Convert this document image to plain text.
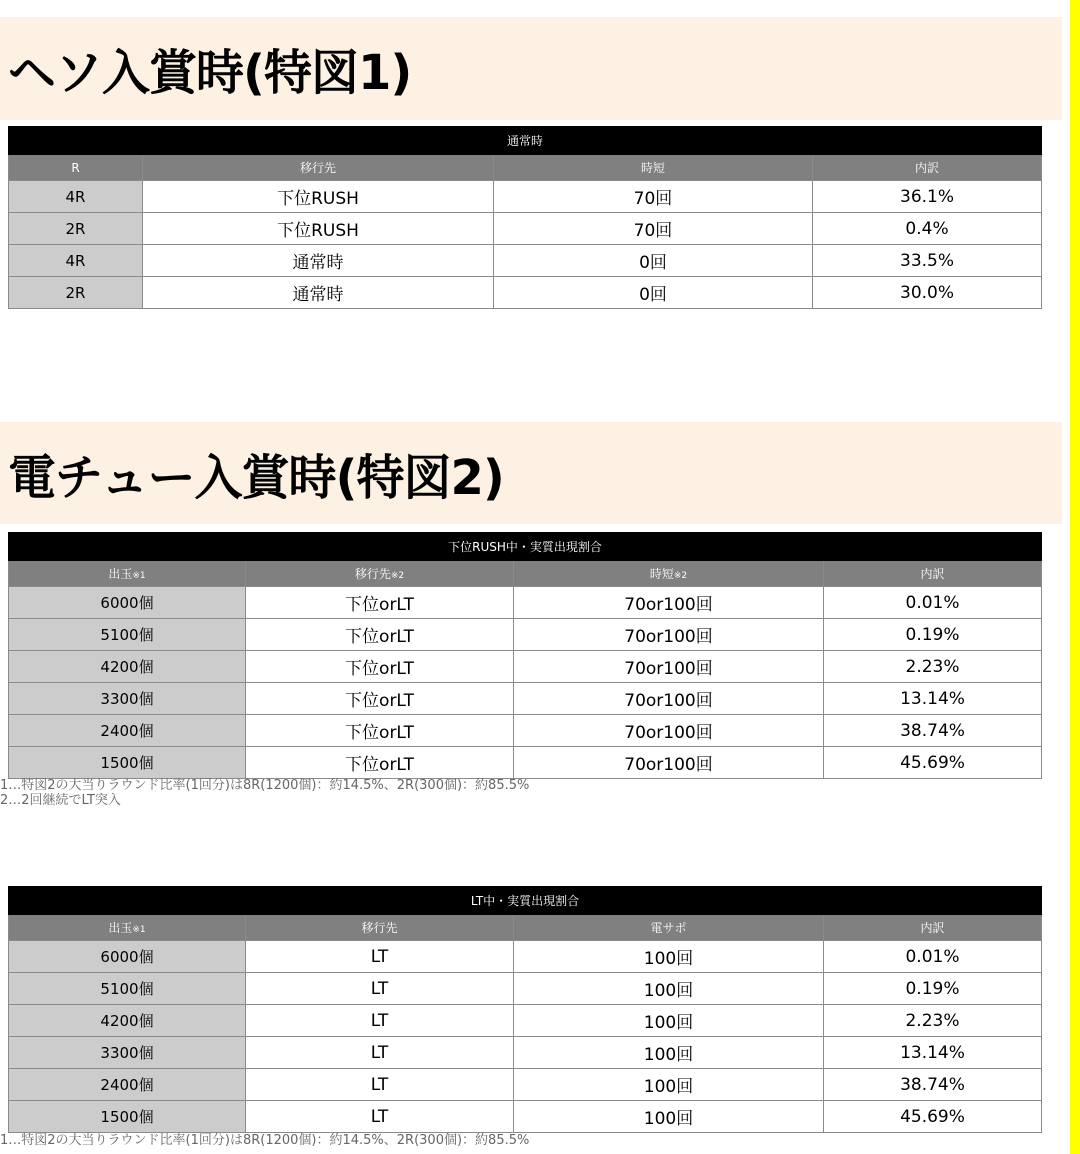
ヘソ入賞時(特図1)
通常時			
R	移行先	時短	内訳
4R	下位RUSH	70回	36.1%
2R	下位RUSH	70回	0.4%
4R	通常時	0回	33.5%
2R	通常時	0回	30.0%
電チュー入賞時(特図2)
下位RUSH中・実質出現割合			
出玉※1	移行先※2	時短※2	内訳
6000個	下位orLT	70or100回	0.01%
5100個	下位orLT	70or100回	0.19%
4200個	下位orLT	70or100回	2.23%
3300個	下位orLT	70or100回	13.14%
2400個	下位orLT	70or100回	38.74%
1500個	下位orLT	70or100回	45.69%
1…特図2の大当りラウンド比率(1回分)は8R(1200個)：約14.5%、2R(300個)：約85.5%
2…2回継続でLT突入
LT中・実質出現割合			
出玉※1	移行先	電サポ	内訳
6000個	LT	100回	0.01%
5100個	LT	100回	0.19%
4200個	LT	100回	2.23%
3300個	LT	100回	13.14%
2400個	LT	100回	38.74%
1500個	LT	100回	45.69%
1…特図2の大当りラウンド比率(1回分)は8R(1200個)：約14.5%、2R(300個)：約85.5%
